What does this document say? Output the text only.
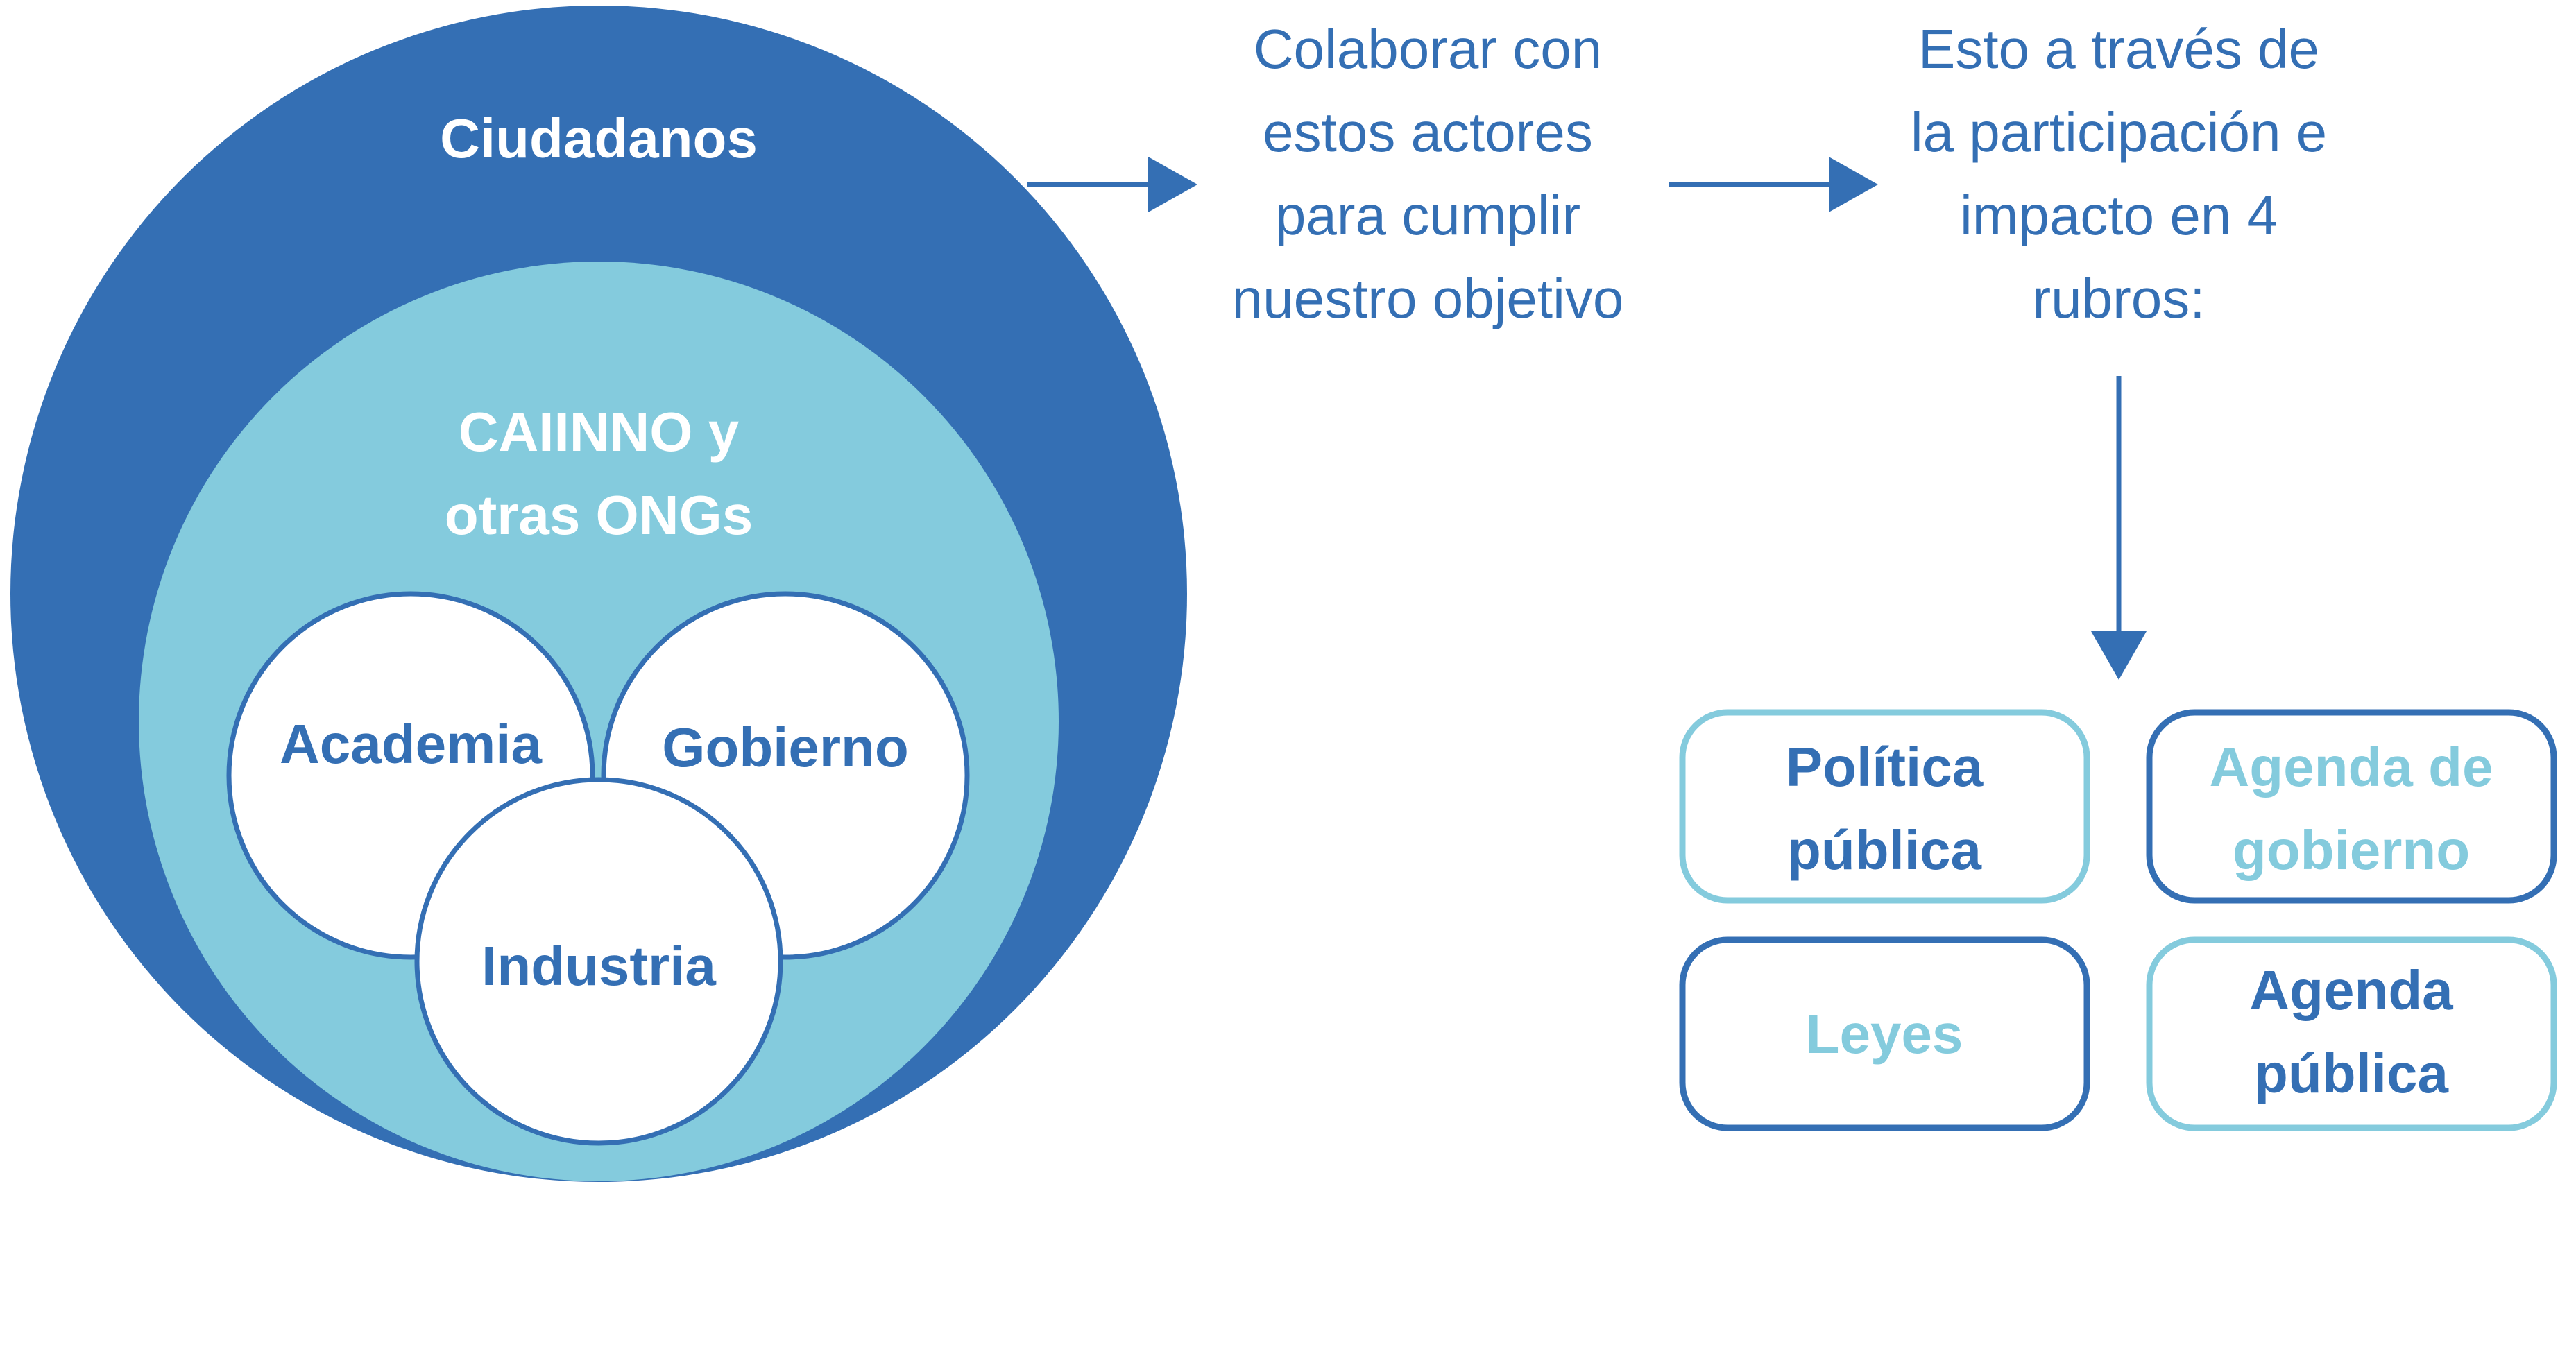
Ciudadanos
CAIINNO y
otras ONGs
Academia Gobierno
Industria
Colaborar con
estos actores
para cumplir
nuestro objetivo
Esto a través de
la participación e
impacto en 4
rubros:
Política
pública
Agenda de
gobierno
Leyes
Agenda
pública
